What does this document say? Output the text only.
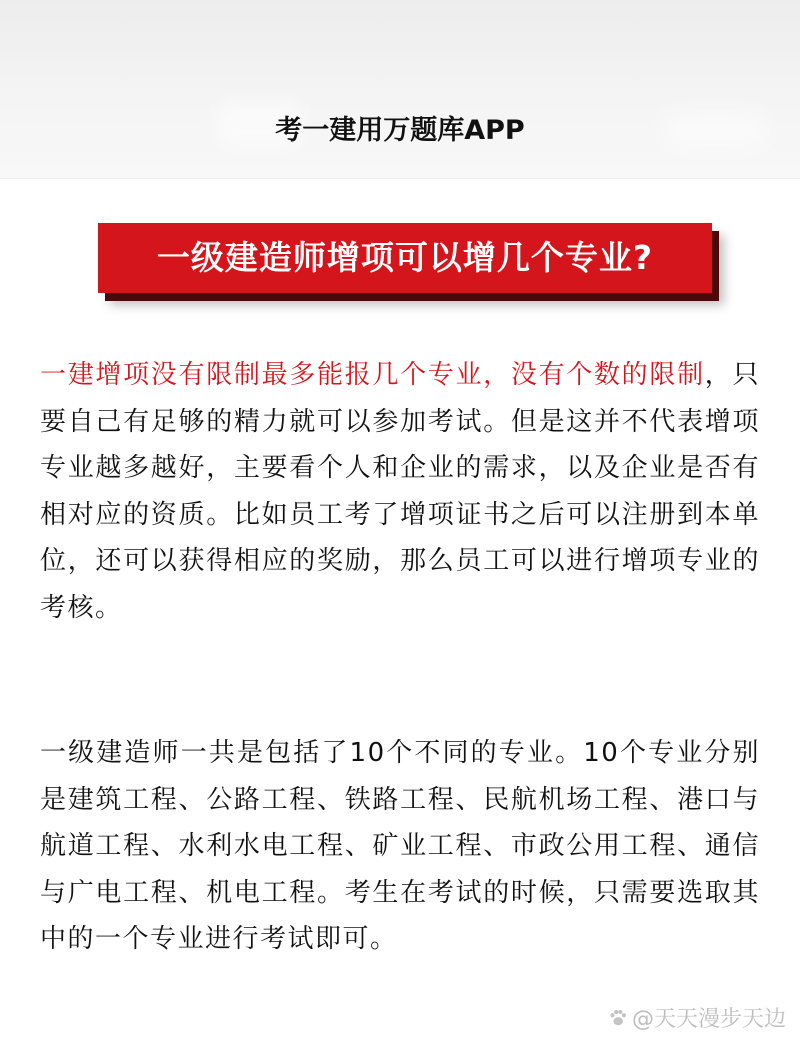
考一建用万题库APP
一级建造师增项可以增几个专业?

一建增项没有限制最多能报几个专业，没有个数的限制，只要自己有足够的精力就可以参加考试。但是这并不代表增项专业越多越好，主要看个人和企业的需求，以及企业是否有相对应的资质。比如员工考了增项证书之后可以注册到本单位，还可以获得相应的奖励，那么员工可以进行增项专业的考核。

一级建造师一共是包括了10个不同的专业。10个专业分别是建筑工程、公路工程、铁路工程、民航机场工程、港口与航道工程、水利水电工程、矿业工程、市政公用工程、通信与广电工程、机电工程。考生在考试的时候，只需要选取其中的一个专业进行考试即可。

@天天漫步天边
